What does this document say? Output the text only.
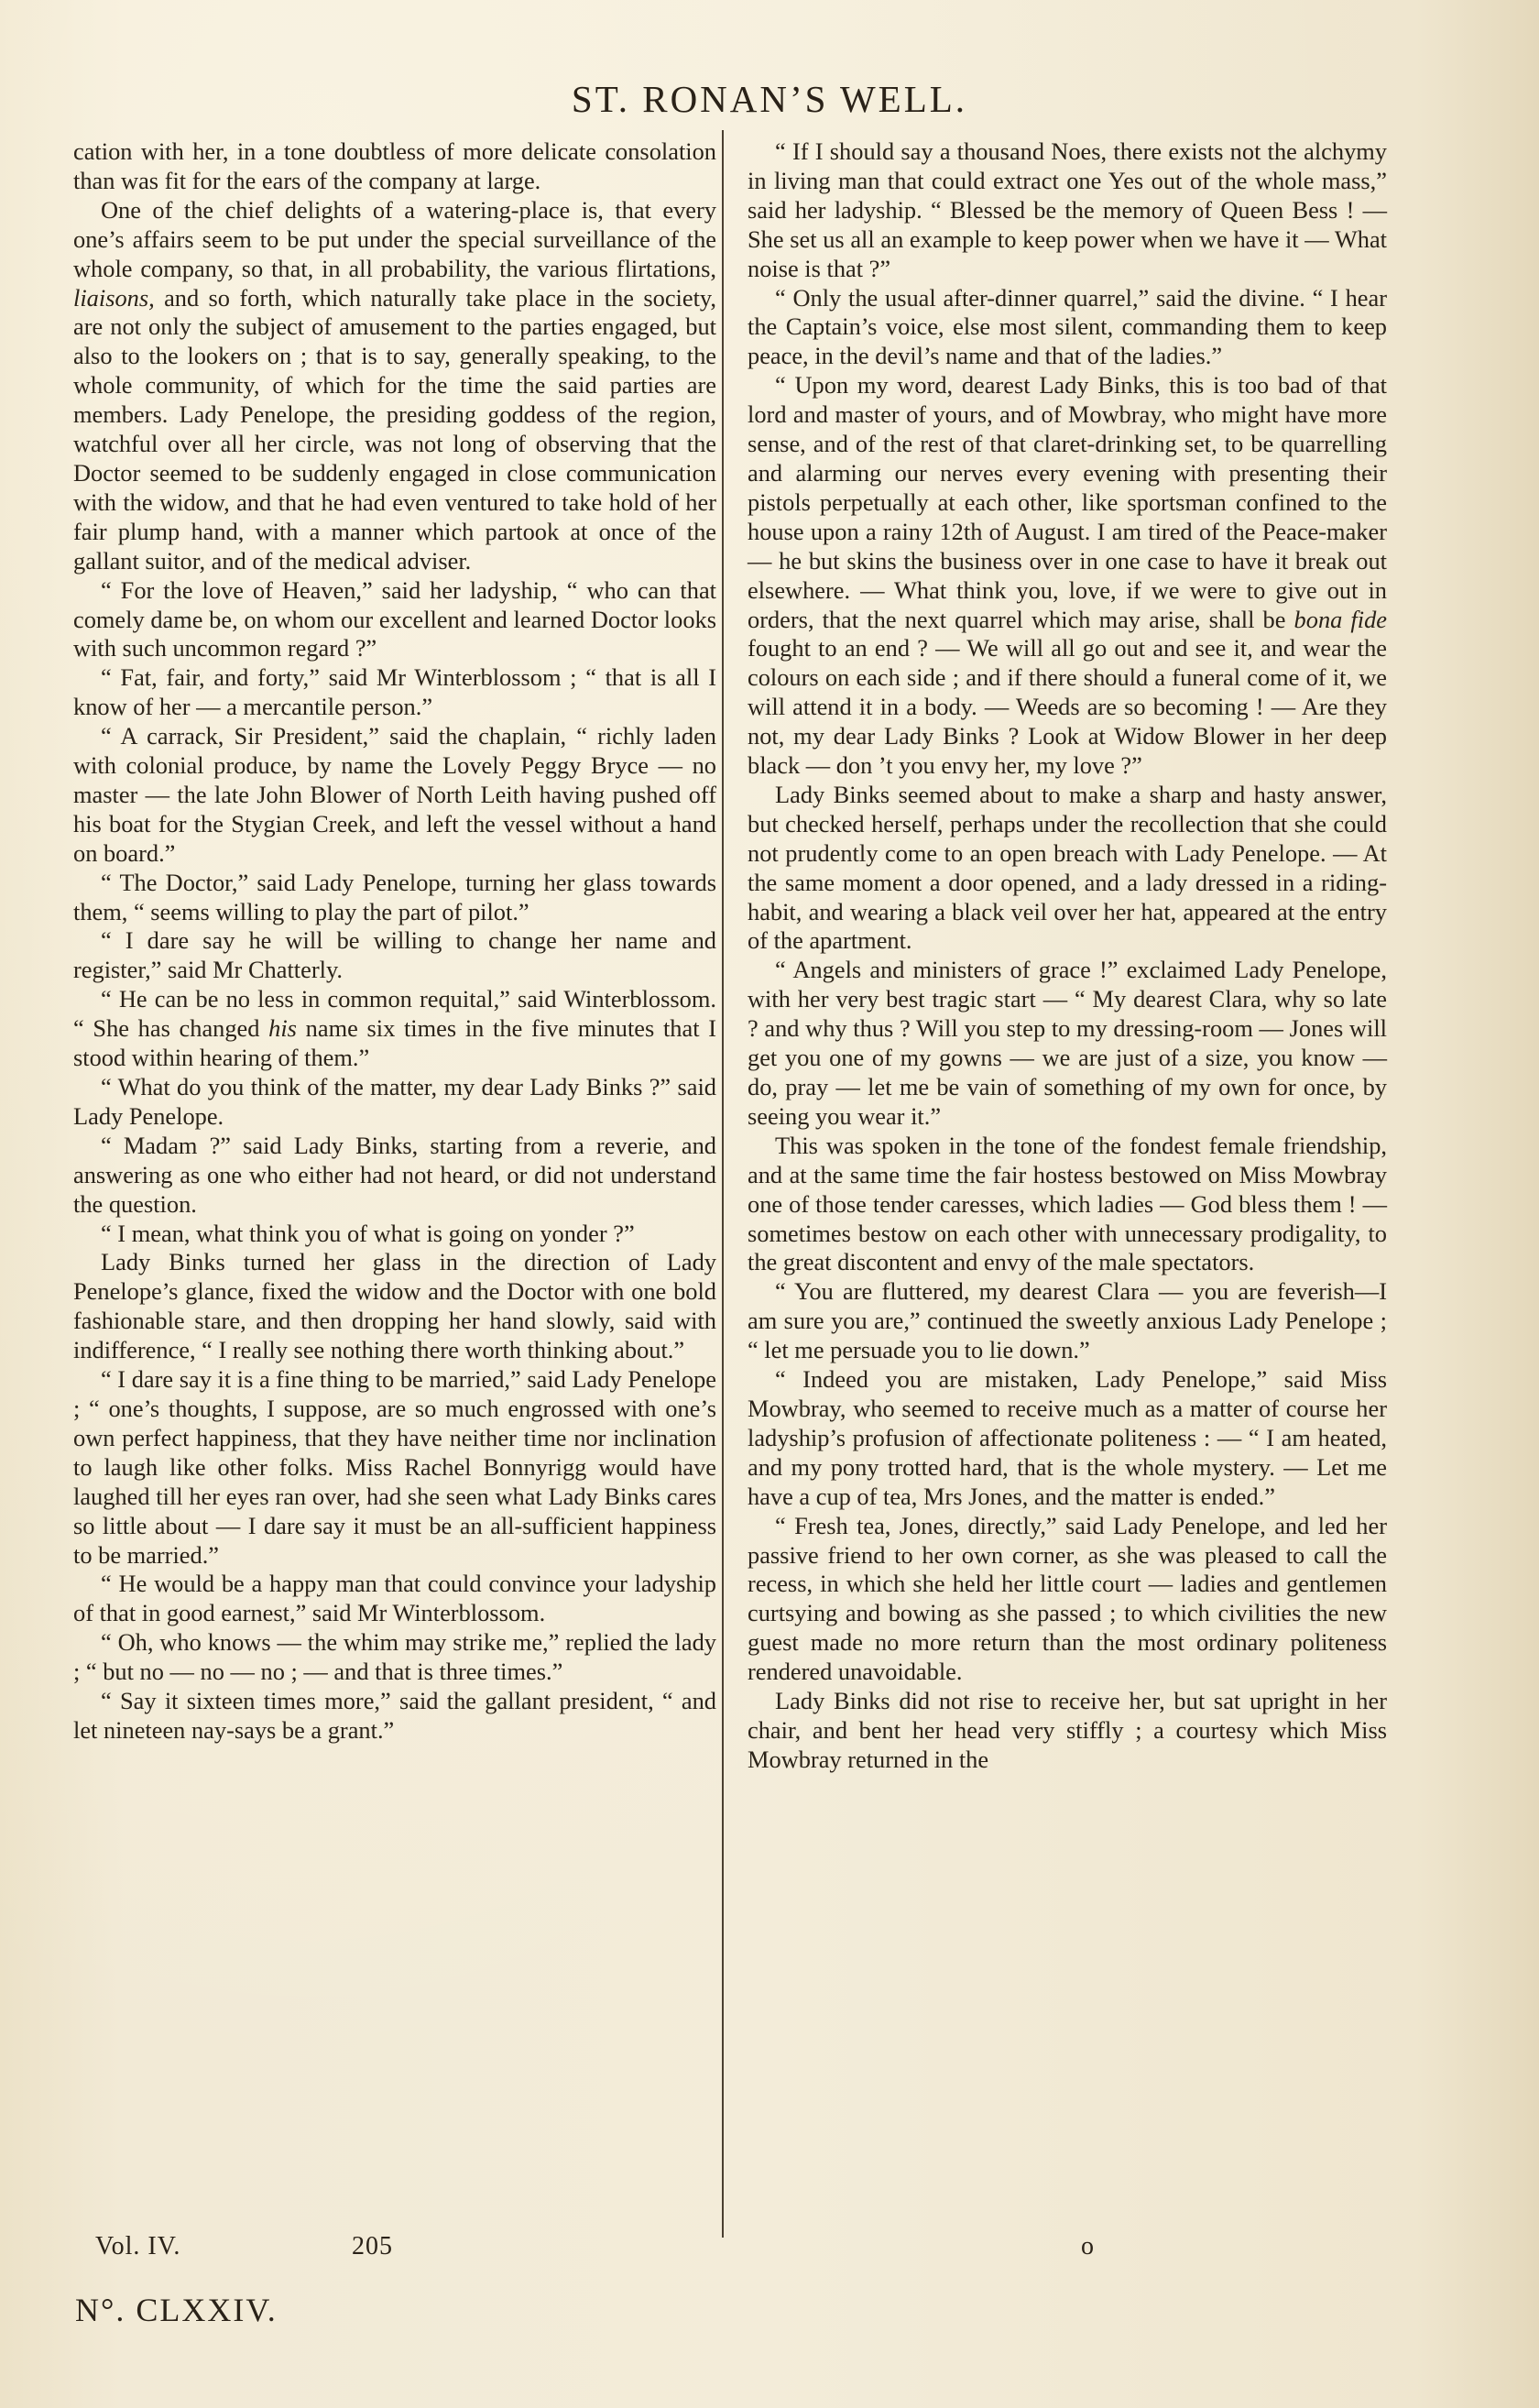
ST. RONAN’S WELL.

cation with her, in a tone doubtless of more delicate consolation than was fit for the ears of the company at large.

One of the chief delights of a watering-place is, that every one’s affairs seem to be put under the special surveillance of the whole company, so that, in all probability, the various flirtations, liaisons, and so forth, which naturally take place in the society, are not only the subject of amusement to the parties engaged, but also to the lookers on ; that is to say, generally speaking, to the whole community, of which for the time the said parties are members. Lady Penelope, the presiding goddess of the region, watchful over all her circle, was not long of observing that the Doctor seemed to be suddenly engaged in close communication with the widow, and that he had even ventured to take hold of her fair plump hand, with a manner which partook at once of the gallant suitor, and of the medical adviser.

“ For the love of Heaven,” said her ladyship, “ who can that comely dame be, on whom our excellent and learned Doctor looks with such uncommon regard ?”

“ Fat, fair, and forty,” said Mr Winterblossom ; “ that is all I know of her — a mercantile person.”

“ A carrack, Sir President,” said the chaplain, “ richly laden with colonial produce, by name the Lovely Peggy Bryce — no master — the late John Blower of North Leith having pushed off his boat for the Stygian Creek, and left the vessel without a hand on board.”

“ The Doctor,” said Lady Penelope, turning her glass towards them, “ seems willing to play the part of pilot.”

“ I dare say he will be willing to change her name and register,” said Mr Chatterly.

“ He can be no less in common requital,” said Winterblossom. “ She has changed his name six times in the five minutes that I stood within hearing of them.”

“ What do you think of the matter, my dear Lady Binks ?” said Lady Penelope.

“ Madam ?” said Lady Binks, starting from a reverie, and answering as one who either had not heard, or did not understand the question.

“ I mean, what think you of what is going on yonder ?”

Lady Binks turned her glass in the direction of Lady Penelope’s glance, fixed the widow and the Doctor with one bold fashionable stare, and then dropping her hand slowly, said with indifference, “ I really see nothing there worth thinking about.”

“ I dare say it is a fine thing to be married,” said Lady Penelope ; “ one’s thoughts, I suppose, are so much engrossed with one’s own perfect happiness, that they have neither time nor inclination to laugh like other folks. Miss Rachel Bonnyrigg would have laughed till her eyes ran over, had she seen what Lady Binks cares so little about — I dare say it must be an all-sufficient happiness to be married.”

“ He would be a happy man that could convince your ladyship of that in good earnest,” said Mr Winterblossom.

“ Oh, who knows — the whim may strike me,” replied the lady ; “ but no — no — no ; — and that is three times.”

“ Say it sixteen times more,” said the gallant president, “ and let nineteen nay-says be a grant.”

“ If I should say a thousand Noes, there exists not the alchymy in living man that could extract one Yes out of the whole mass,” said her ladyship. “ Blessed be the memory of Queen Bess ! — She set us all an example to keep power when we have it — What noise is that ?”

“ Only the usual after-dinner quarrel,” said the divine. “ I hear the Captain’s voice, else most silent, commanding them to keep peace, in the devil’s name and that of the ladies.”

“ Upon my word, dearest Lady Binks, this is too bad of that lord and master of yours, and of Mowbray, who might have more sense, and of the rest of that claret-drinking set, to be quarrelling and alarming our nerves every evening with presenting their pistols perpetually at each other, like sportsman confined to the house upon a rainy 12th of August. I am tired of the Peace-maker — he but skins the business over in one case to have it break out elsewhere. — What think you, love, if we were to give out in orders, that the next quarrel which may arise, shall be bona fide fought to an end ? — We will all go out and see it, and wear the colours on each side ; and if there should a funeral come of it, we will attend it in a body. — Weeds are so becoming ! — Are they not, my dear Lady Binks ? Look at Widow Blower in her deep black — don ’t you envy her, my love ?”

Lady Binks seemed about to make a sharp and hasty answer, but checked herself, perhaps under the recollection that she could not prudently come to an open breach with Lady Penelope. — At the same moment a door opened, and a lady dressed in a riding-habit, and wearing a black veil over her hat, appeared at the entry of the apartment.

“ Angels and ministers of grace !” exclaimed Lady Penelope, with her very best tragic start — “ My dearest Clara, why so late ? and why thus ? Will you step to my dressing-room — Jones will get you one of my gowns — we are just of a size, you know — do, pray — let me be vain of something of my own for once, by seeing you wear it.”

This was spoken in the tone of the fondest female friendship, and at the same time the fair hostess bestowed on Miss Mowbray one of those tender caresses, which ladies — God bless them ! — sometimes bestow on each other with unnecessary prodigality, to the great discontent and envy of the male spectators.

“ You are fluttered, my dearest Clara — you are feverish—I am sure you are,” continued the sweetly anxious Lady Penelope ; “ let me persuade you to lie down.”

“ Indeed you are mistaken, Lady Penelope,” said Miss Mowbray, who seemed to receive much as a matter of course her ladyship’s profusion of affectionate politeness : — “ I am heated, and my pony trotted hard, that is the whole mystery. — Let me have a cup of tea, Mrs Jones, and the matter is ended.”

“ Fresh tea, Jones, directly,” said Lady Penelope, and led her passive friend to her own corner, as she was pleased to call the recess, in which she held her little court — ladies and gentlemen curtsying and bowing as she passed ; to which civilities the new guest made no more return than the most ordinary politeness rendered unavoidable.

Lady Binks did not rise to receive her, but sat upright in her chair, and bent her head very stiffly ; a courtesy which Miss Mowbray returned in the

Vol. IV.	205	o
N°. CLXXIV.
